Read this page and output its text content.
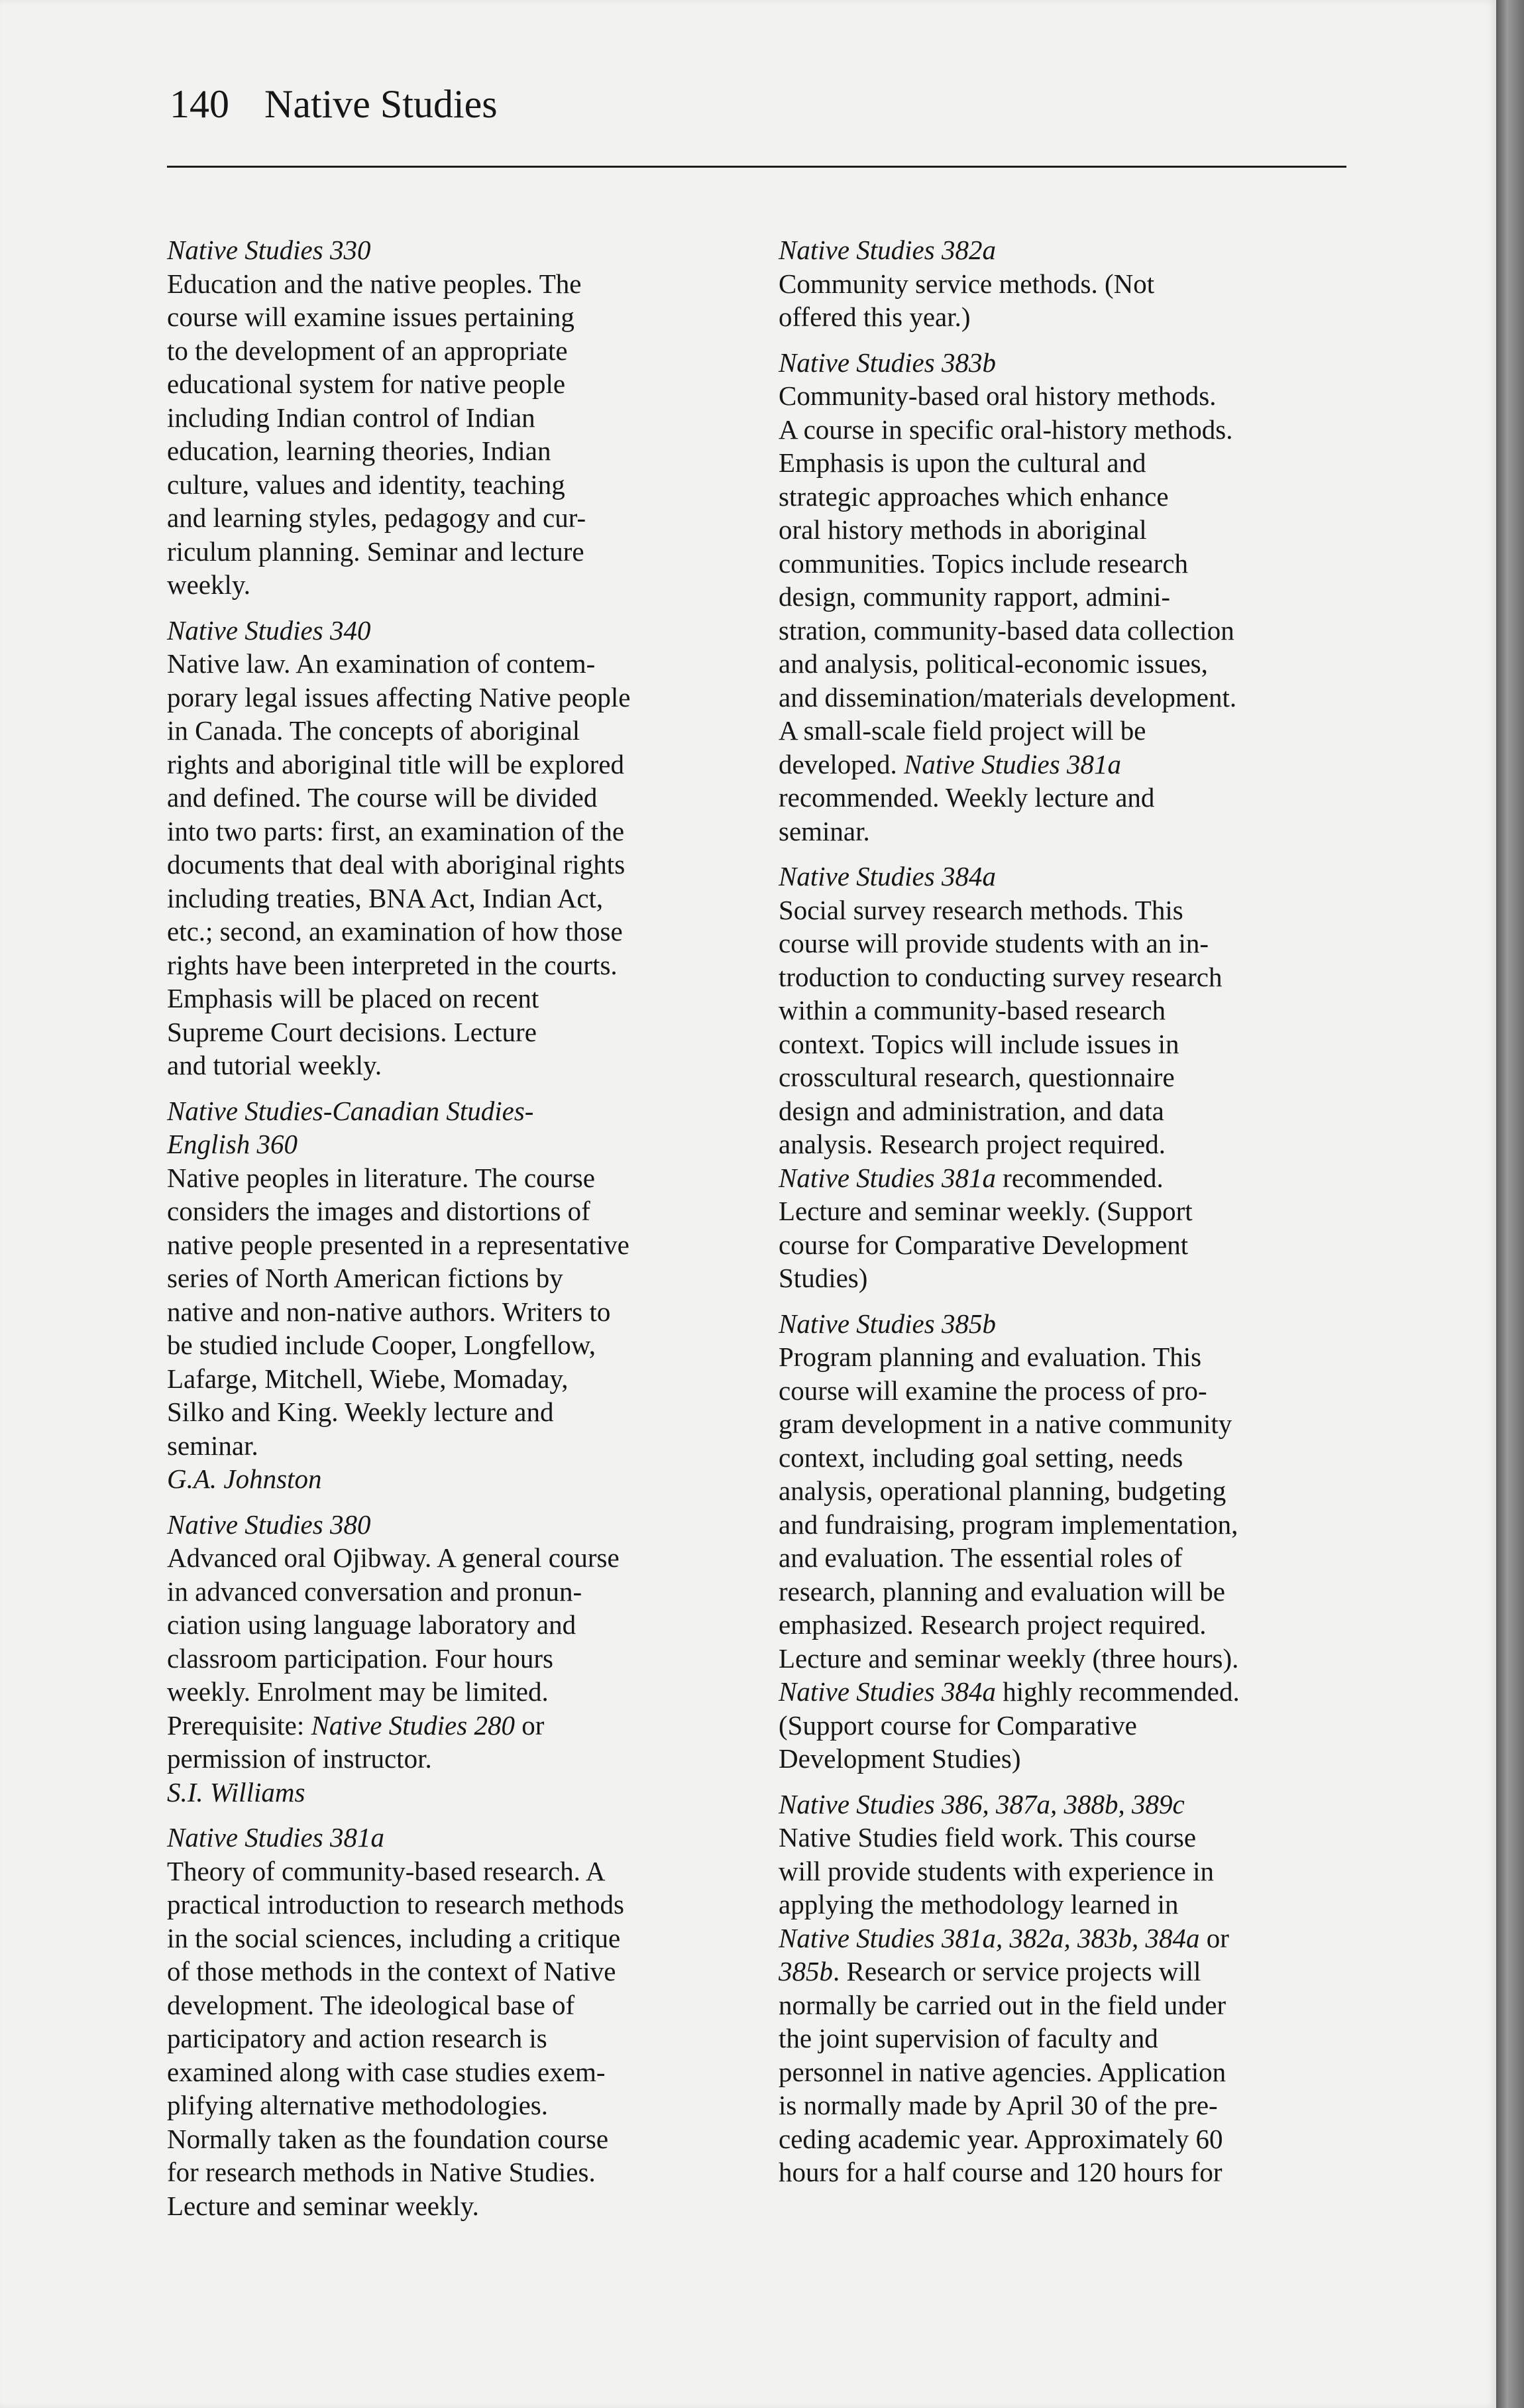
140 Native Studies
Native Studies 330
Education and the native peoples. The
course will examine issues pertaining
to the development of an appropriate
educational system for native people
including Indian control of Indian
education, learning theories, Indian
culture, values and identity, teaching
and learning styles, pedagogy and cur-
riculum planning. Seminar and lecture
weekly.
Native Studies 340
Native law. An examination of contem-
porary legal issues affecting Native people
in Canada. The concepts of aboriginal
rights and aboriginal title will be explored
and defined. The course will be divided
into two parts: first, an examination of the
documents that deal with aboriginal rights
including treaties, BNA Act, Indian Act,
etc.; second, an examination of how those
rights have been interpreted in the courts.
Emphasis will be placed on recent
Supreme Court decisions. Lecture
and tutorial weekly.
Native Studies-Canadian Studies-
English 360
Native peoples in literature. The course
considers the images and distortions of
native people presented in a representative
series of North American fictions by
native and non-native authors. Writers to
be studied include Cooper, Longfellow,
Lafarge, Mitchell, Wiebe, Momaday,
Silko and King. Weekly lecture and
seminar.
G.A. Johnston
Native Studies 380
Advanced oral Ojibway. A general course
in advanced conversation and pronun-
ciation using language laboratory and
classroom participation. Four hours
weekly. Enrolment may be limited.
Prerequisite: Native Studies 280 or
permission of instructor.
S.I. Williams
Native Studies 381a
Theory of community-based research. A
practical introduction to research methods
in the social sciences, including a critique
of those methods in the context of Native
development. The ideological base of
participatory and action research is
examined along with case studies exem-
plifying alternative methodologies.
Normally taken as the foundation course
for research methods in Native Studies.
Lecture and seminar weekly.
Native Studies 382a
Community service methods. (Not
offered this year.)
Native Studies 383b
Community-based oral history methods.
A course in specific oral-history methods.
Emphasis is upon the cultural and
strategic approaches which enhance
oral history methods in aboriginal
communities. Topics include research
design, community rapport, admini-
stration, community-based data collection
and analysis, political-economic issues,
and dissemination/materials development.
A small-scale field project will be
developed. Native Studies 381a
recommended. Weekly lecture and
seminar.
Native Studies 384a
Social survey research methods. This
course will provide students with an in-
troduction to conducting survey research
within a community-based research
context. Topics will include issues in
crosscultural research, questionnaire
design and administration, and data
analysis. Research project required.
Native Studies 381a recommended.
Lecture and seminar weekly. (Support
course for Comparative Development
Studies)
Native Studies 385b
Program planning and evaluation. This
course will examine the process of pro-
gram development in a native community
context, including goal setting, needs
analysis, operational planning, budgeting
and fundraising, program implementation,
and evaluation. The essential roles of
research, planning and evaluation will be
emphasized. Research project required.
Lecture and seminar weekly (three hours).
Native Studies 384a highly recommended.
(Support course for Comparative
Development Studies)
Native Studies 386, 387a, 388b, 389c
Native Studies field work. This course
will provide students with experience in
applying the methodology learned in
Native Studies 381a, 382a, 383b, 384a or
385b. Research or service projects will
normally be carried out in the field under
the joint supervision of faculty and
personnel in native agencies. Application
is normally made by April 30 of the pre-
ceding academic year. Approximately 60
hours for a half course and 120 hours for
